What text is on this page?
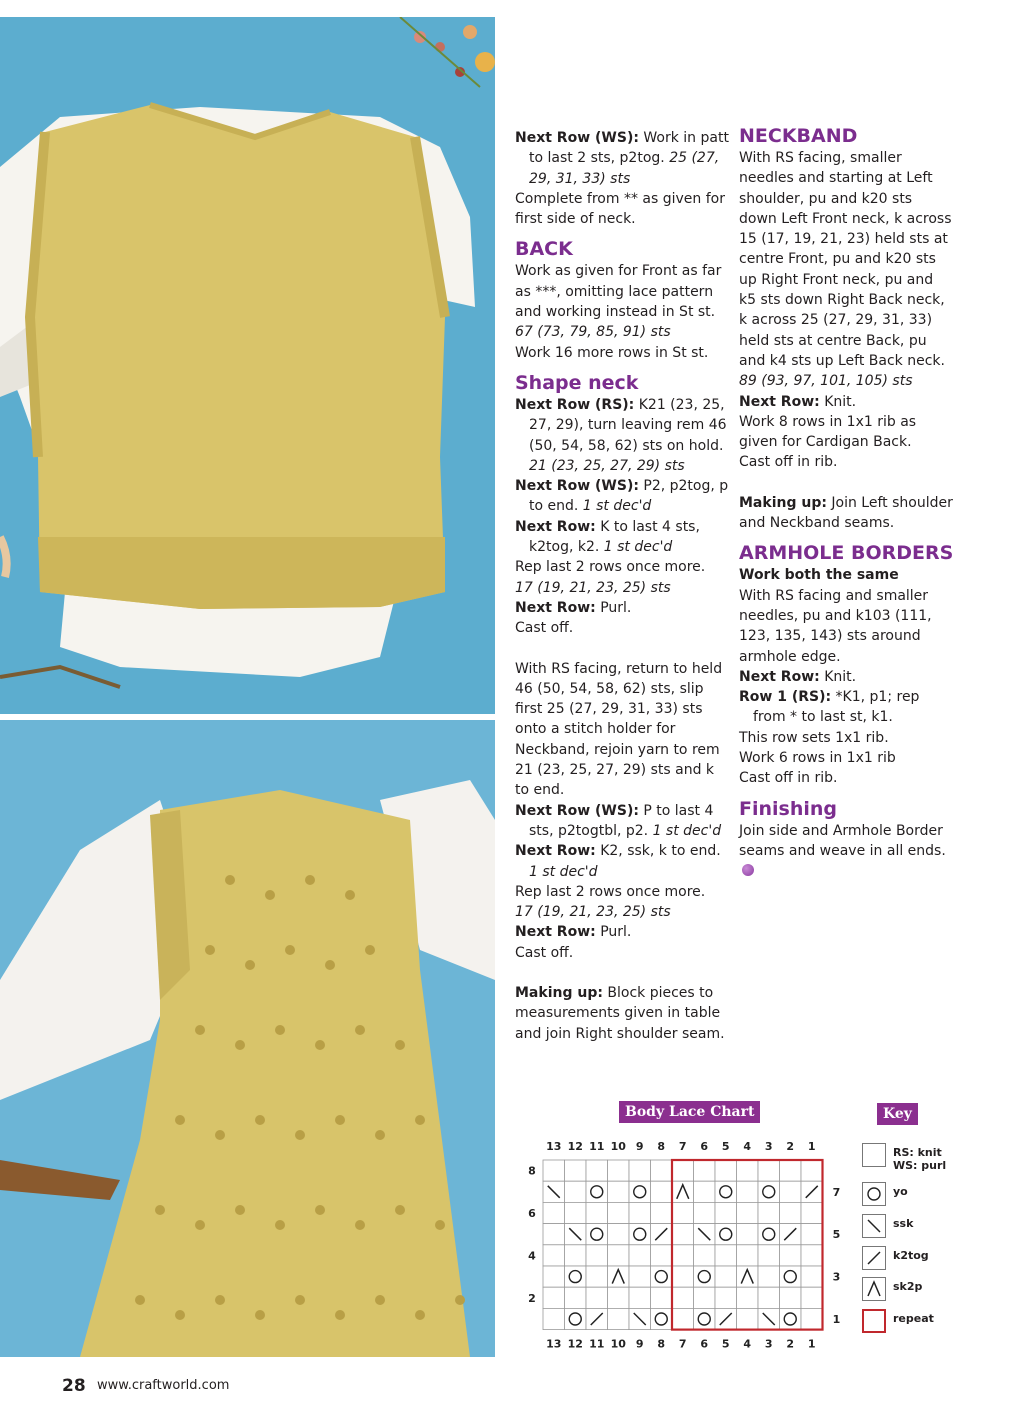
Next Row (WS): Work in patt to last 2 sts, p2tog. 25 (27, 29, 31, 33) sts

Complete from ** as given for first side of neck.

BACK

Work as given for Front as far as ***, omitting lace pattern and working instead in St st. 67 (73, 79, 85, 91) sts

Work 16 more rows in St st.

Shape neck

Next Row (RS): K21 (23, 25, 27, 29), turn leaving rem 46 (50, 54, 58, 62) sts on hold. 21 (23, 25, 27, 29) sts

Next Row (WS): P2, p2tog, p to end. 1 st dec'd

Next Row: K to last 4 sts, k2tog, k2. 1 st dec'd

Rep last 2 rows once more.
17 (19, 21, 23, 25) sts

Next Row: Purl.

Cast off.

With RS facing, return to held 46 (50, 54, 58, 62) sts, slip first 25 (27, 29, 31, 33) sts onto a stitch holder for Neckband, rejoin yarn to rem 21 (23, 25, 27, 29) sts and k to end.

Next Row (WS): P to last 4 sts, p2togtbl, p2. 1 st dec'd

Next Row: K2, ssk, k to end. 1 st dec'd

Rep last 2 rows once more.
17 (19, 21, 23, 25) sts

Next Row: Purl.

Cast off.

Making up: Block pieces to measurements given in table and join Right shoulder seam.

NECKBAND

With RS facing, smaller needles and starting at Left shoulder, pu and k20 sts down Left Front neck, k across 15 (17, 19, 21, 23) held sts at centre Front, pu and k20 sts up Right Front neck, pu and k5 sts down Right Back neck, k across 25 (27, 29, 31, 33) held sts at centre Back, pu and k4 sts up Left Back neck. 89 (93, 97, 101, 105) sts

Next Row: Knit.

Work 8 rows in 1x1 rib as given for Cardigan Back.

Cast off in rib.

Making up: Join Left shoulder and Neckband seams.

ARMHOLE BORDERS

Work both the same

With RS facing and smaller needles, pu and k103 (111, 123, 135, 143) sts around armhole edge.

Next Row: Knit.

Row 1 (RS): *K1, p1; rep from * to last st, k1.

This row sets 1x1 rib.

Work 6 rows in 1x1 rib

Cast off in rib.

Finishing

Join side and Armhole Border seams and weave in all ends.

Body Lace Chart
13
13
12
12
11
11
10
10
9
9
8
8
7
7
6
6
5
5
4
4
3
3
2
2
1
1
8
6
4
2
7
5
3
1
Key
RS: knit
WS: purl
yo
ssk
k2tog
sk2p
repeat
28 www.craftworld.com
